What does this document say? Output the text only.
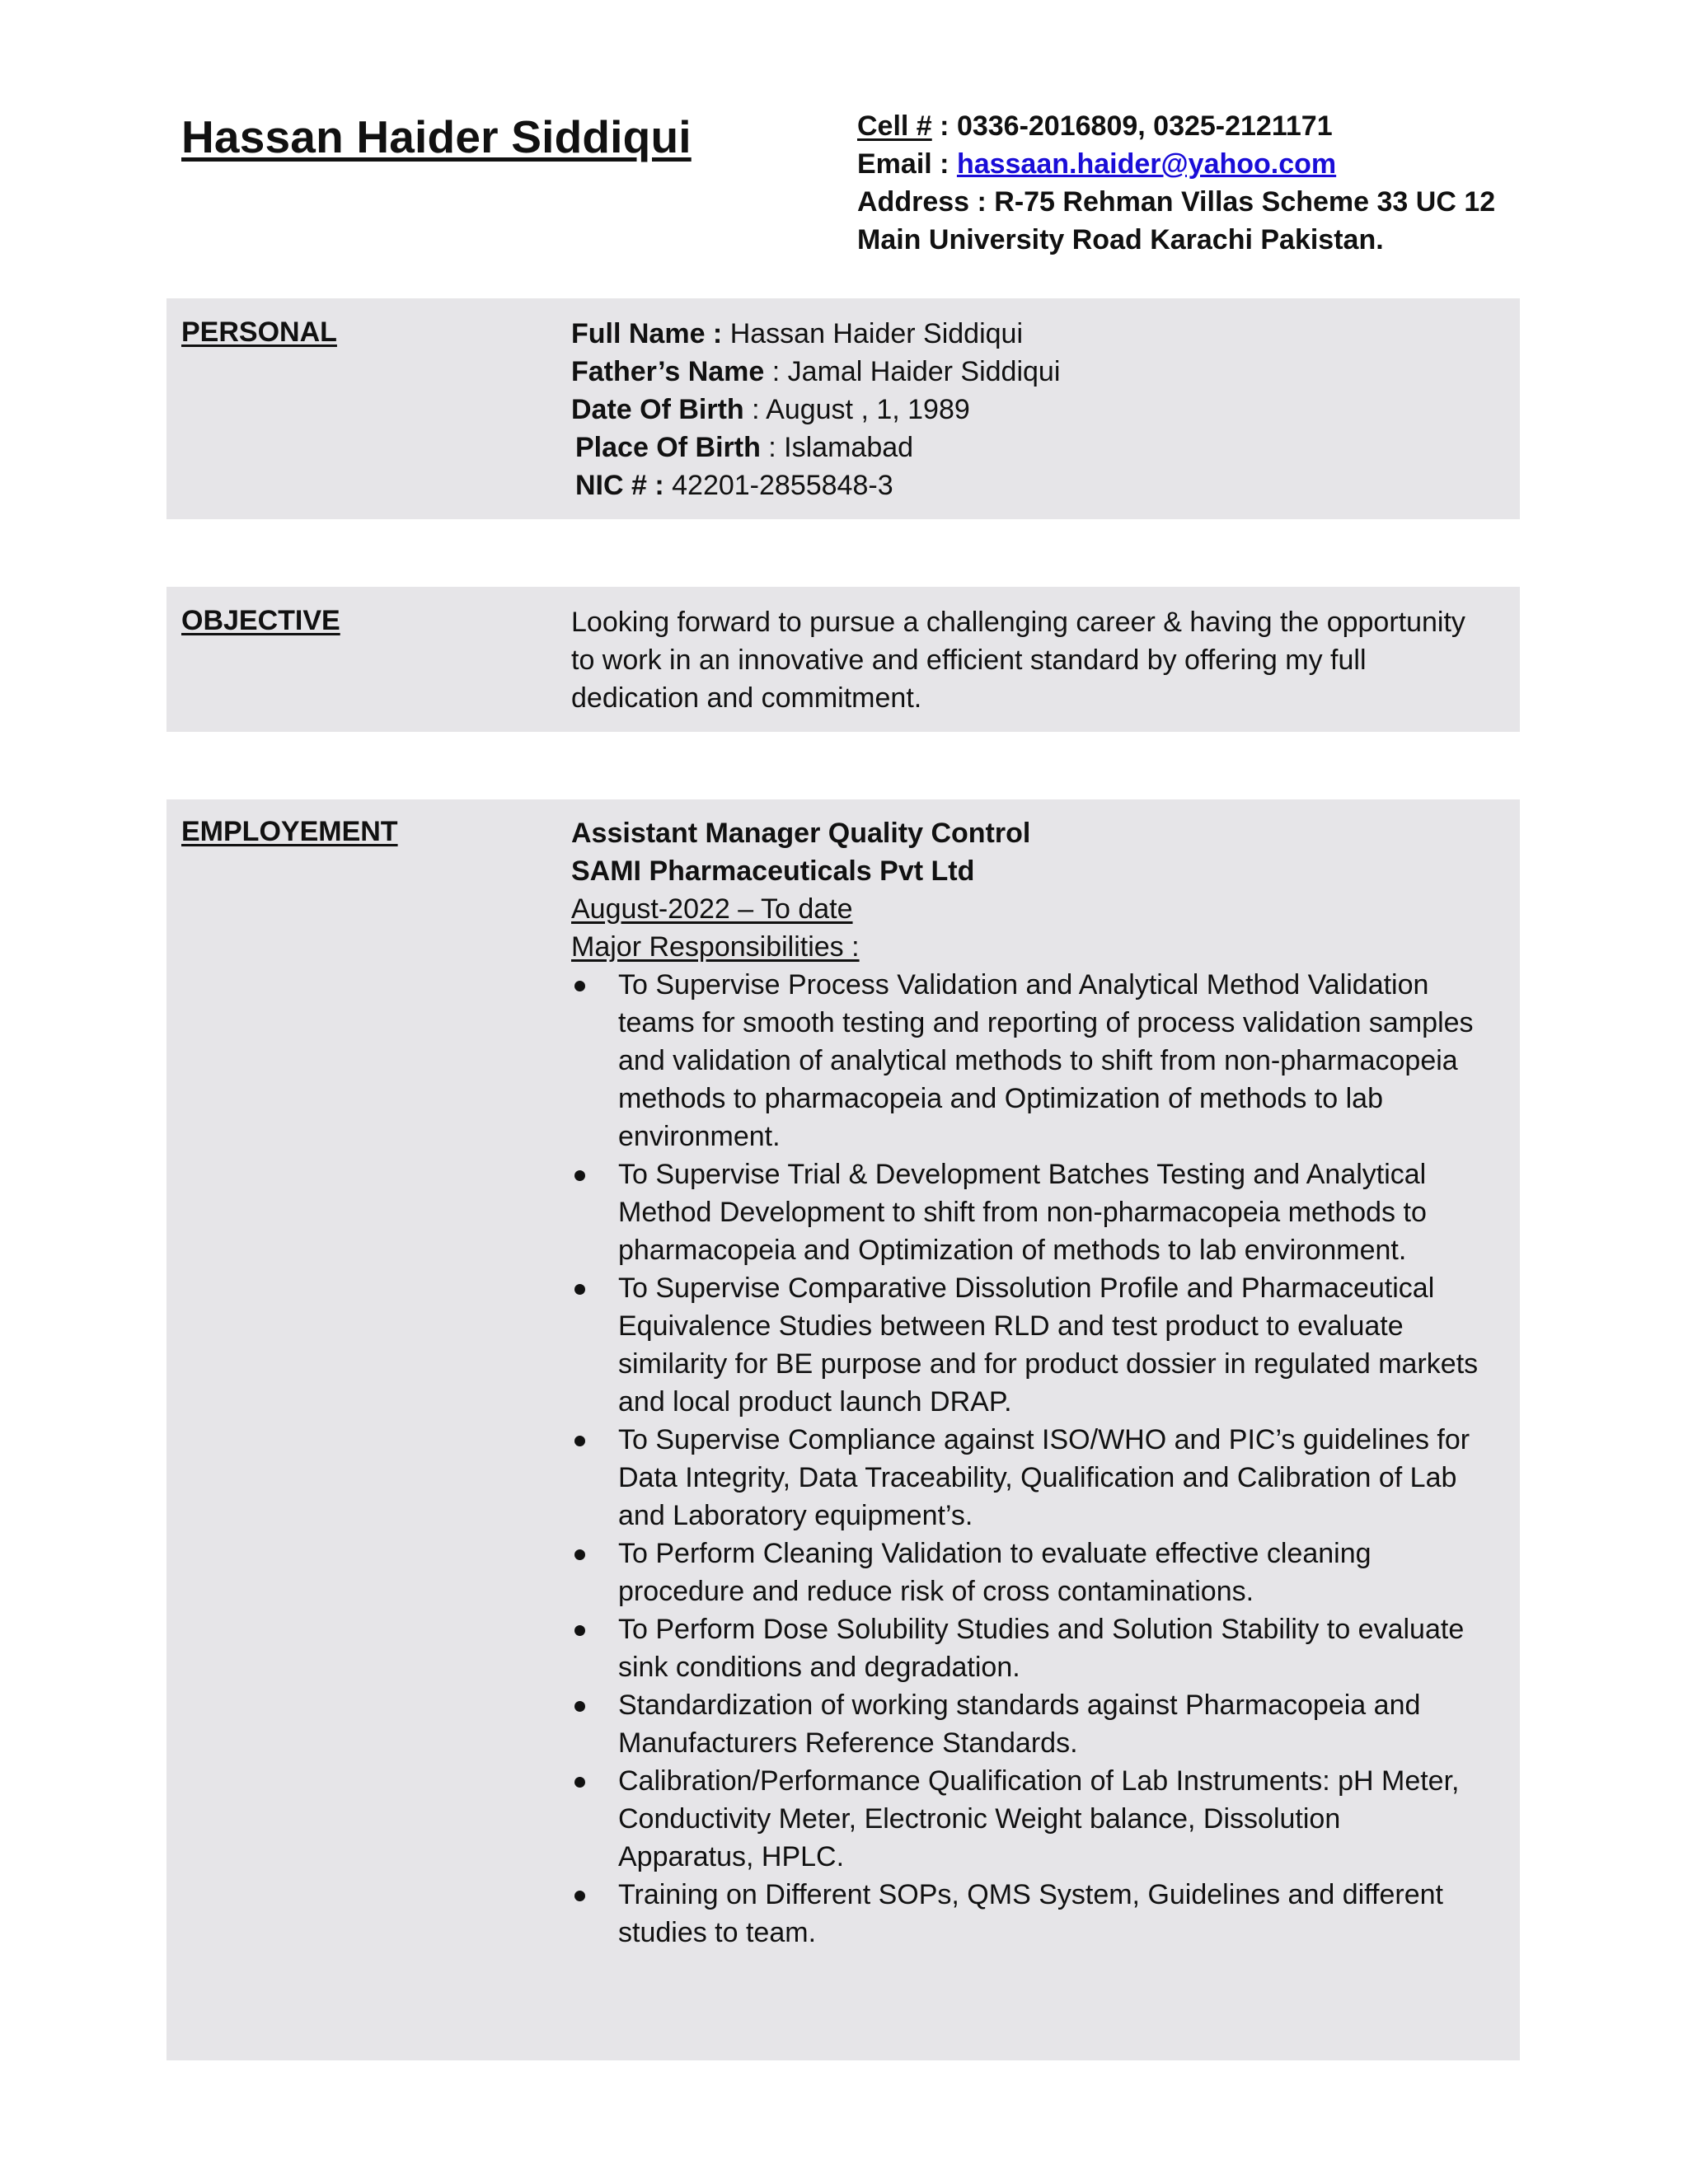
Hassan Haider Siddiqui	Cell # : 0336-2016809, 0325-2121171
Email : hassaan.haider@yahoo.com
Address : R-75 Rehman Villas Scheme 33 UC 12
Main University Road Karachi Pakistan.
PERSONAL	Full Name : Hassan Haider Siddiqui
Father’s Name : Jamal Haider Siddiqui
Date Of Birth : August , 1, 1989
Place Of Birth : Islamabad
NIC # : 42201-2855848-3
OBJECTIVE	Looking forward to pursue a challenging career & having the opportunity
to work in an innovative and efficient standard by offering my full
dedication and commitment.
EMPLOYEMENT	Assistant Manager Quality Control
SAMI Pharmaceuticals Pvt Ltd
August-2022 – To date
Major Responsibilities :
To Supervise Process Validation and Analytical Method Validation
teams for smooth testing and reporting of process validation samples
and validation of analytical methods to shift from non-pharmacopeia
methods to pharmacopeia and Optimization of methods to lab
environment.
To Supervise Trial & Development Batches Testing and Analytical
Method Development to shift from non-pharmacopeia methods to
pharmacopeia and Optimization of methods to lab environment.
To Supervise Comparative Dissolution Profile and Pharmaceutical
Equivalence Studies between RLD and test product to evaluate
similarity for BE purpose and for product dossier in regulated markets
and local product launch DRAP.
To Supervise Compliance against ISO/WHO and PIC’s guidelines for
Data Integrity, Data Traceability, Qualification and Calibration of Lab
and Laboratory equipment’s.
To Perform Cleaning Validation to evaluate effective cleaning
procedure and reduce risk of cross contaminations.
To Perform Dose Solubility Studies and Solution Stability to evaluate
sink conditions and degradation.
Standardization of working standards against Pharmacopeia and
Manufacturers Reference Standards.
Calibration/Performance Qualification of Lab Instruments: pH Meter,
Conductivity Meter, Electronic Weight balance, Dissolution
Apparatus, HPLC.
Training on Different SOPs, QMS System, Guidelines and different
studies to team.
